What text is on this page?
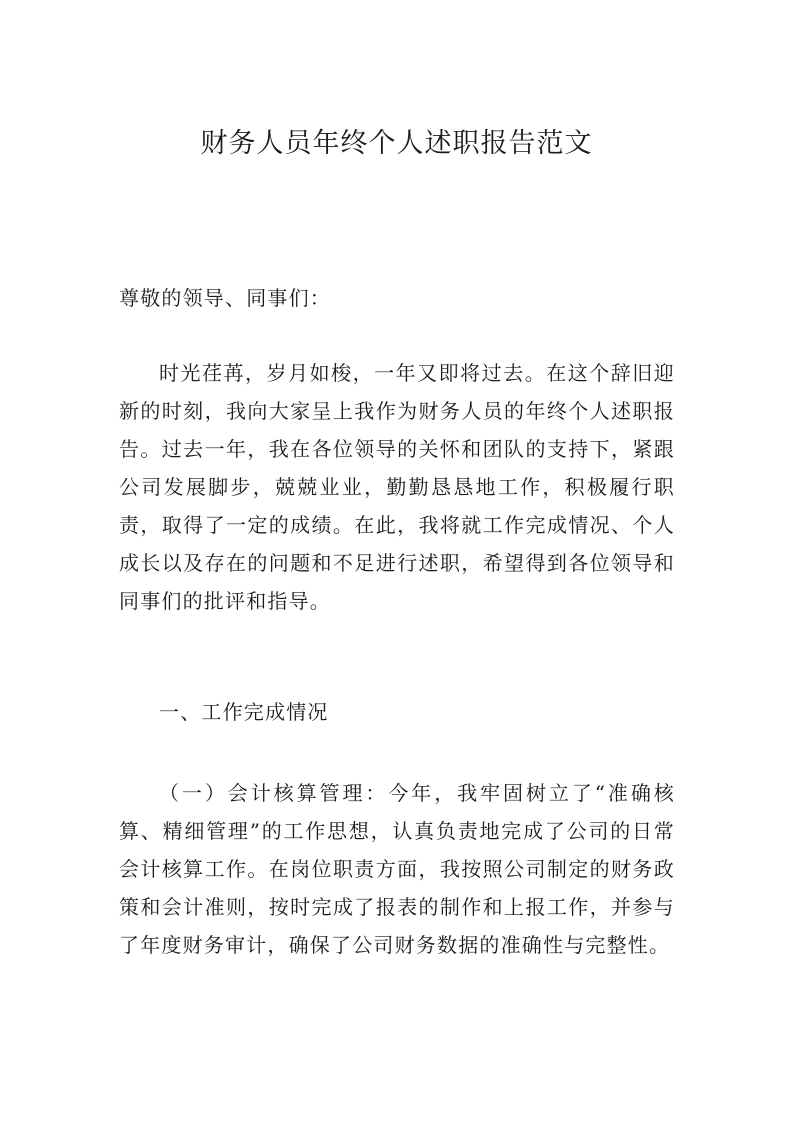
财务人员年终个人述职报告范文

尊敬的领导、同事们：

时光荏苒，岁月如梭，一年又即将过去。在这个辞旧迎新的时刻，我向大家呈上我作为财务人员的年终个人述职报告。过去一年，我在各位领导的关怀和团队的支持下，紧跟公司发展脚步，兢兢业业，勤勤恳恳地工作，积极履行职责，取得了一定的成绩。在此，我将就工作完成情况、个人成长以及存在的问题和不足进行述职，希望得到各位领导和同事们的批评和指导。

一、工作完成情况

（一）会计核算管理：今年，我牢固树立了“准确核算、精细管理”的工作思想，认真负责地完成了公司的日常会计核算工作。在岗位职责方面，我按照公司制定的财务政策和会计准则，按时完成了报表的制作和上报工作，并参与了年度财务审计，确保了公司财务数据的准确性与完整性。
